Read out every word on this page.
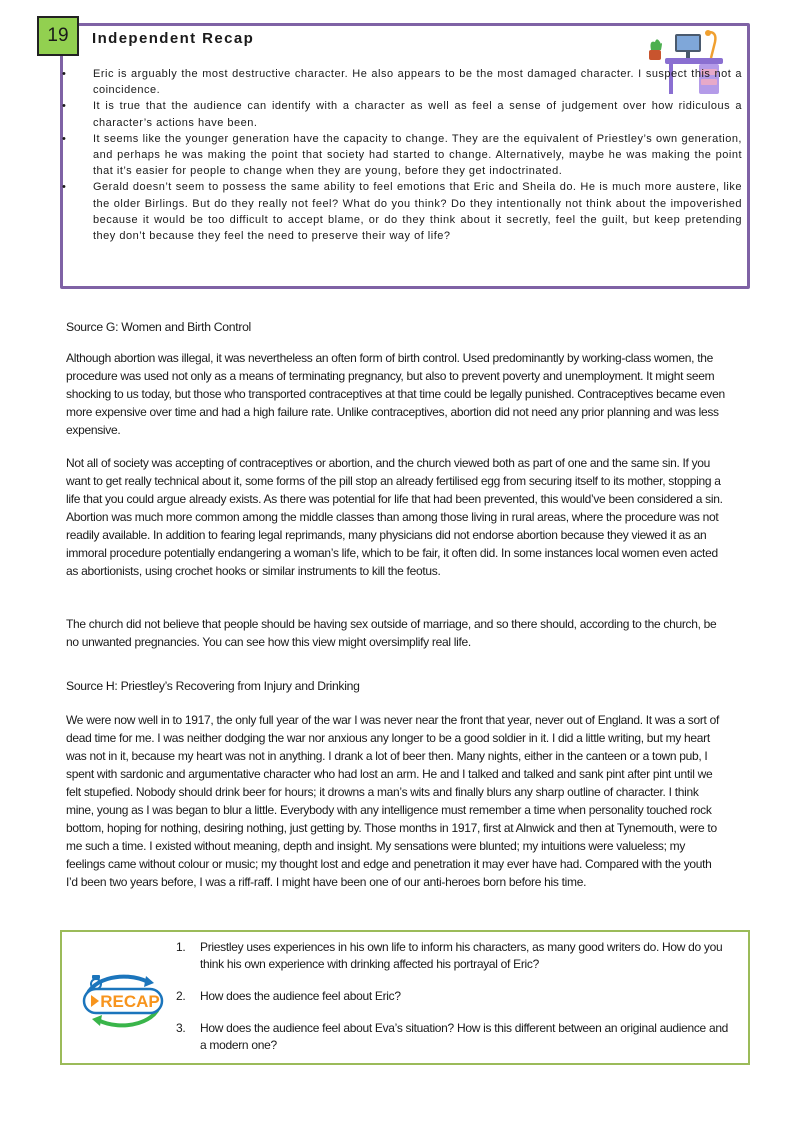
19	Independent Recap
• Eric is arguably the most destructive character. He also appears to be the most damaged character. I suspect this not a coincidence.
• It is true that the audience can identify with a character as well as feel a sense of judgement over how ridiculous a character’s actions have been.
• It seems like the younger generation have the capacity to change. They are the equivalent of Priestley’s own generation, and perhaps he was making the point that society had started to change. Alternatively, maybe he was making the point that it’s easier for people to change when they are young, before they get indoctrinated.
• Gerald doesn’t seem to possess the same ability to feel emotions that Eric and Sheila do. He is much more austere, like the older Birlings. But do they really not feel? What do you think? Do they intentionally not think about the impoverished because it would be too difficult to accept blame, or do they think about it secretly, feel the guilt, but keep pretending they don’t because they feel the need to preserve their way of life?
Source G: Women and Birth Control

Although abortion was illegal, it was nevertheless an often form of birth control. Used predominantly by working-class women, the procedure was used not only as a means of terminating pregnancy, but also to prevent poverty and unemployment. It might seem shocking to us today, but those who transported contraceptives at that time could be legally punished. Contraceptives became even more expensive over time and had a high failure rate. Unlike contraceptives, abortion did not need any prior planning and was less expensive.

Not all of society was accepting of contraceptives or abortion, and the church viewed both as part of one and the same sin. If you want to get really technical about it, some forms of the pill stop an already fertilised egg from securing itself to its mother, stopping a life that you could argue already exists. As there was potential for life that had been prevented, this would’ve been considered a sin. Abortion was much more common among the middle classes than among those living in rural areas, where the procedure was not readily available. In addition to fearing legal reprimands, many physicians did not endorse abortion because they viewed it as an immoral procedure potentially endangering a woman’s life, which to be fair, it often did. In some instances local women even acted as abortionists, using crochet hooks or similar instruments to kill the feotus.

The church did not believe that people should be having sex outside of marriage, and so there should, according to the church, be no unwanted pregnancies. You can see how this view might oversimplify real life.

Source H: Priestley’s Recovering from Injury and Drinking

We were now well in to 1917, the only full year of the war I was never near the front that year, never out of England. It was a sort of dead time for me. I was neither dodging the war nor anxious any longer to be a good soldier in it. I did a little writing, but my heart was not in it, because my heart was not in anything. I drank a lot of beer then. Many nights, either in the canteen or a town pub, I spent with sardonic and argumentative character who had lost an arm. He and I talked and talked and sank pint after pint until we felt stupefied. Nobody should drink beer for hours; it drowns a man’s wits and finally blurs any sharp outline of character. I think mine, young as I was began to blur a little. Everybody with any intelligence must remember a time when personality touched rock bottom, hoping for nothing, desiring nothing, just getting by. Those months in 1917, first at Alnwick and then at Tynemouth, were to me such a time. I existed without meaning, depth and insight. My sensations were blunted; my intuitions were valueless; my feelings came without colour or music; my thought lost and edge and penetration it may ever have had. Compared with the youth I’d been two years before, I was a riff-raff. I might have been one of our anti-heroes born before his time.

RECAP
1. Priestley uses experiences in his own life to inform his characters, as many good writers do. How do you think his own experience with drinking affected his portrayal of Eric?
2. How does the audience feel about Eric?
3. How does the audience feel about Eva’s situation? How is this different between an original audience and a modern one?
